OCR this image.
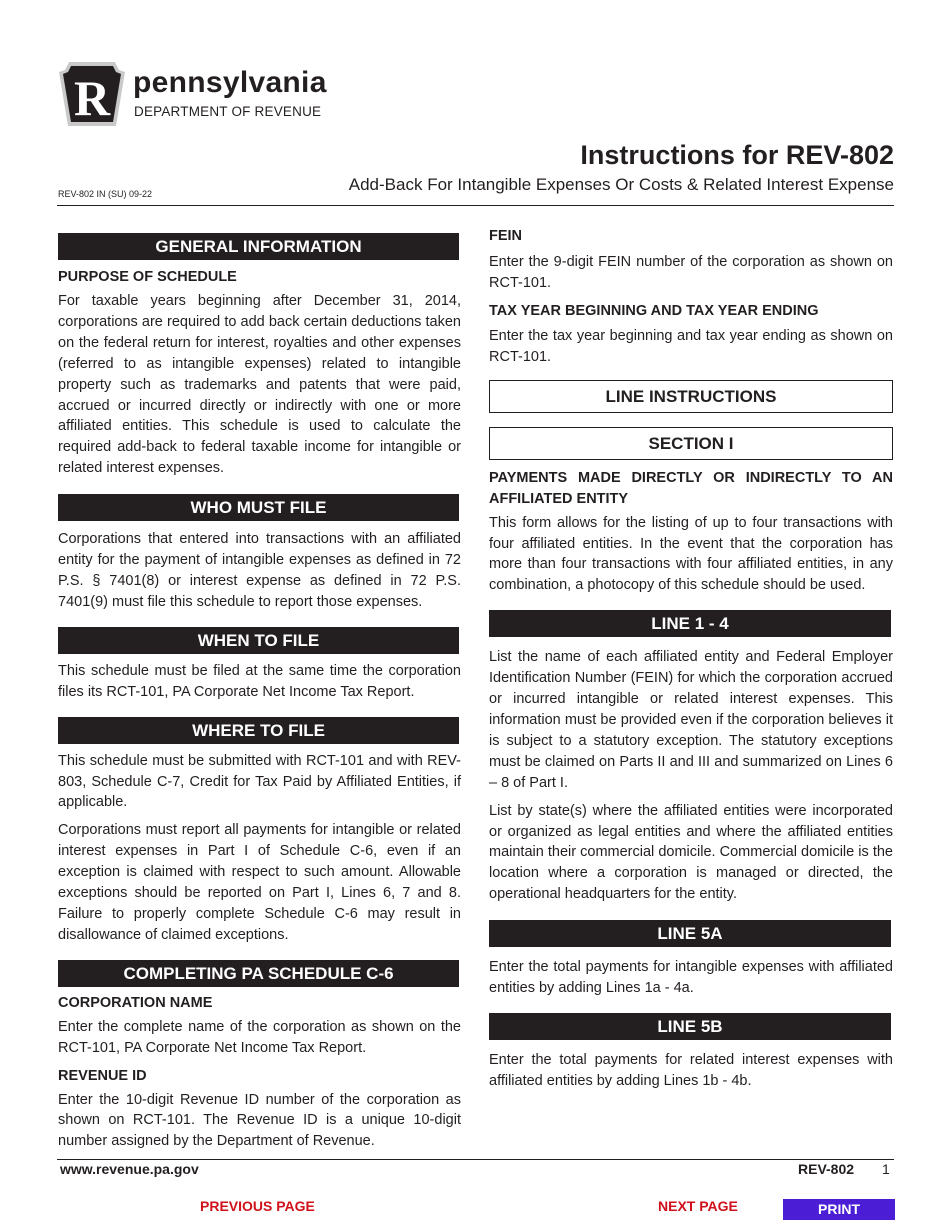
R pennsylvania
DEPARTMENT OF REVENUE
Instructions for REV-802
Add-Back For Intangible Expenses Or Costs & Related Interest Expense
REV-802 IN (SU) 09-22
GENERAL INFORMATION
PURPOSE OF SCHEDULE
For taxable years beginning after December 31, 2014, corporations are required to add back certain deductions taken on the federal return for interest, royalties and other expenses (referred to as intangible expenses) related to intangible property such as trademarks and patents that were paid, accrued or incurred directly or indirectly with one or more affiliated entities. This schedule is used to calculate the required add-back to federal taxable income for intangible or related interest expenses.
WHO MUST FILE
Corporations that entered into transactions with an affiliated entity for the payment of intangible expenses as defined in 72 P.S. § 7401(8) or interest expense as defined in 72 P.S. 7401(9) must file this schedule to report those expenses.
WHEN TO FILE
This schedule must be filed at the same time the corporation files its RCT-101, PA Corporate Net Income Tax Report.
WHERE TO FILE
This schedule must be submitted with RCT-101 and with REV-803, Schedule C-7, Credit for Tax Paid by Affiliated Entities, if applicable.
Corporations must report all payments for intangible or related interest expenses in Part I of Schedule C-6, even if an exception is claimed with respect to such amount. Allowable exceptions should be reported on Part I, Lines 6, 7 and 8. Failure to properly complete Schedule C-6 may result in disallowance of claimed exceptions.
COMPLETING PA SCHEDULE C-6
CORPORATION NAME
Enter the complete name of the corporation as shown on the RCT-101, PA Corporate Net Income Tax Report.
REVENUE ID
Enter the 10-digit Revenue ID number of the corporation as shown on RCT-101. The Revenue ID is a unique 10-digit number assigned by the Department of Revenue.
FEIN
Enter the 9-digit FEIN number of the corporation as shown on RCT-101.
TAX YEAR BEGINNING AND TAX YEAR ENDING
Enter the tax year beginning and tax year ending as shown on RCT-101.
LINE INSTRUCTIONS
SECTION I
PAYMENTS MADE DIRECTLY OR INDIRECTLY TO AN AFFILIATED ENTITY
This form allows for the listing of up to four transactions with four affiliated entities. In the event that the corporation has more than four transactions with four affiliated entities, in any combination, a photocopy of this schedule should be used.
LINE 1 - 4
List the name of each affiliated entity and Federal Employer Identification Number (FEIN) for which the corporation accrued or incurred intangible or related interest expenses. This information must be provided even if the corporation believes it is subject to a statutory exception. The statutory exceptions must be claimed on Parts II and III and summarized on Lines 6 – 8 of Part I.
List by state(s) where the affiliated entities were incorporated or organized as legal entities and where the affiliated entities maintain their commercial domicile. Commercial domicile is the location where a corporation is managed or directed, the operational headquarters for the entity.
LINE 5A
Enter the total payments for intangible expenses with affiliated entities by adding Lines 1a - 4a.
LINE 5B
Enter the total payments for related interest expenses with affiliated entities by adding Lines 1b - 4b.
www.revenue.pa.gov	REV-802 1
PREVIOUS PAGE	NEXT PAGE	PRINT
